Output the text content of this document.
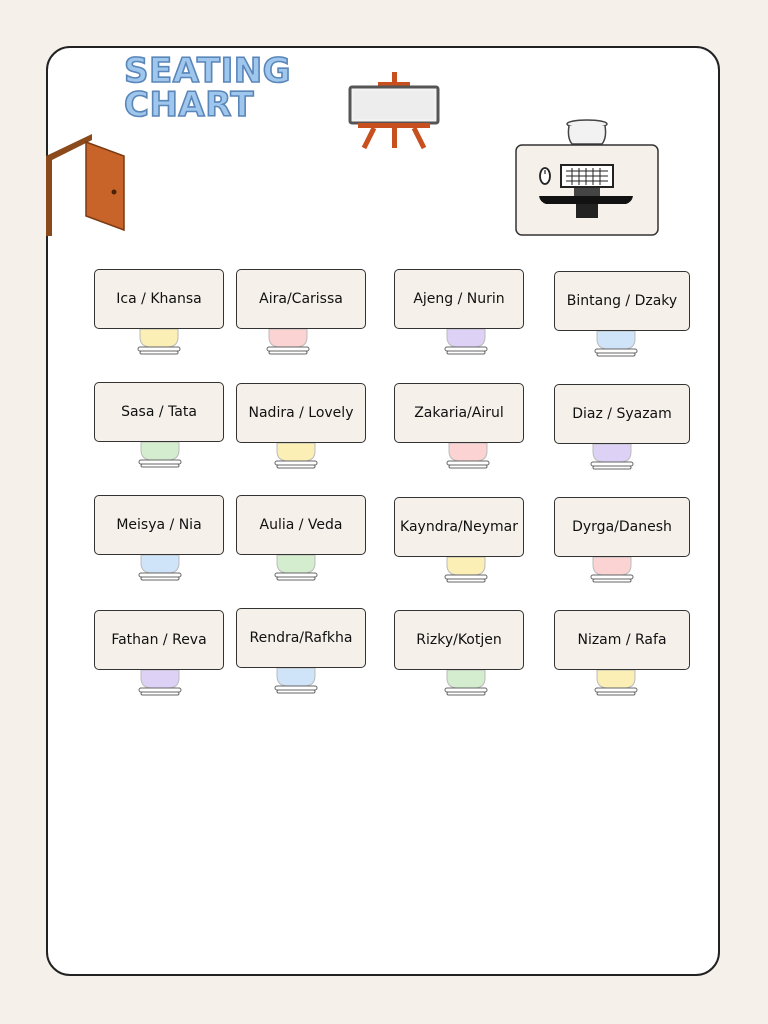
SEATING
CHART
Ica / Khansa	Aira/Carissa	Ajeng / Nurin	Bintang / Dzaky
Sasa / Tata	Nadira / Lovely	Zakaria/Airul	Diaz / Syazam
Meisya / Nia	Aulia / Veda	Kayndra/Neymar	Dyrga/Danesh
Fathan / Reva	Rendra/Rafkha	Rizky/Kotjen	Nizam / Rafa
